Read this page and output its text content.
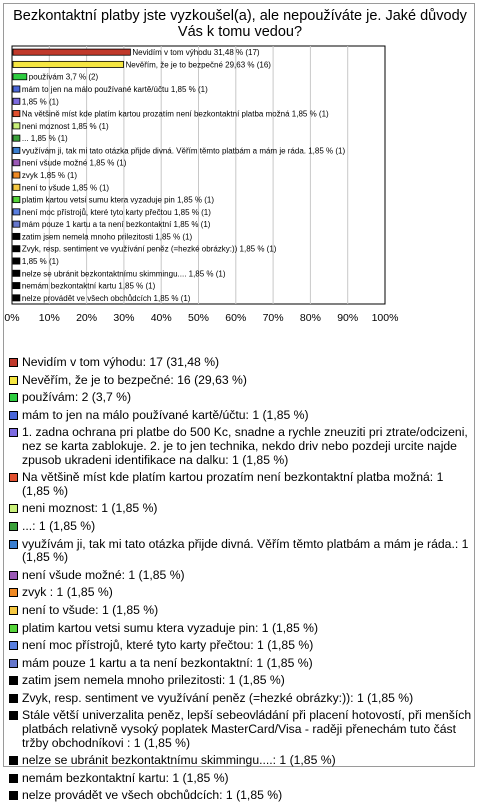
Bezkontaktní platby jste vyzkoušel(a), ale nepoužíváte je. Jaké důvody Vás k tomu vedou?
Nevidím v tom výhodu 31,48 % (17)
Nevěřím, že je to bezpečné 29,63 % (16)
používám 3,7 % (2)
mám to jen na málo používané kartě/účtu 1,85 % (1)
1,85 % (1)
Na většině míst kde platím kartou prozatím není bezkontaktní platba možná 1,85 % (1)
neni moznost 1,85 % (1)
... 1,85 % (1)
využívám ji, tak mi tato otázka přijde divná. Věřím těmto platbám a mám je ráda. 1,85 % (1)
není všude možné 1,85 % (1)
zvyk 1,85 % (1)
není to všude 1,85 % (1)
platim kartou vetsi sumu ktera vyzaduje pin 1,85 % (1)
není moc přístrojů, které tyto karty přečtou 1,85 % (1)
mám pouze 1 kartu a ta není bezkontaktní 1,85 % (1)
zatim jsem nemela mnoho prilezitosti 1,85 % (1)
Zvyk, resp. sentiment ve využívání peněz (=hezké obrázky:)) 1,85 % (1)
1,85 % (1)
nelze se ubránit bezkontaktnímu skimmingu.... 1,85 % (1)
nemám bezkontaktní kartu 1,85 % (1)
nelze provádět ve všech obchůdcích 1,85 % (1)
0% 10% 20% 30% 40% 50% 60% 70% 80% 90% 100%
Nevidím v tom výhodu: 17 (31,48 %)
Nevěřím, že je to bezpečné: 16 (29,63 %)
používám: 2 (3,7 %)
mám to jen na málo používané kartě/účtu: 1 (1,85 %)
1. zadna ochrana pri platbe do 500 Kc, snadne a rychle zneuziti pri ztrate/odcizeni, nez se karta zablokuje. 2. je to jen technika, nekdo driv nebo pozdeji urcite najde zpusob ukradeni identifikace na dalku: 1 (1,85 %)
Na většině míst kde platím kartou prozatím není bezkontaktní platba možná: 1 (1,85 %)
neni moznost: 1 (1,85 %)
...: 1 (1,85 %)
využívám ji, tak mi tato otázka přijde divná. Věřím těmto platbám a mám je ráda.: 1 (1,85 %)
není všude možné: 1 (1,85 %)
zvyk : 1 (1,85 %)
není to všude: 1 (1,85 %)
platim kartou vetsi sumu ktera vyzaduje pin: 1 (1,85 %)
není moc přístrojů, které tyto karty přečtou: 1 (1,85 %)
mám pouze 1 kartu a ta není bezkontaktní: 1 (1,85 %)
zatim jsem nemela mnoho prilezitosti: 1 (1,85 %)
Zvyk, resp. sentiment ve využívání peněz (=hezké obrázky:)): 1 (1,85 %)
Stále větší univerzalita peněz, lepší sebeovládání při placení hotovostí, při menších platbách relativně vysoký poplatek MasterCard/Visa - raději přenechám tuto část tržby obchodníkovi : 1 (1,85 %)
nelze se ubránit bezkontaktnímu skimmingu....: 1 (1,85 %)
nemám bezkontaktní kartu: 1 (1,85 %)
nelze provádět ve všech obchůdcích: 1 (1,85 %)
